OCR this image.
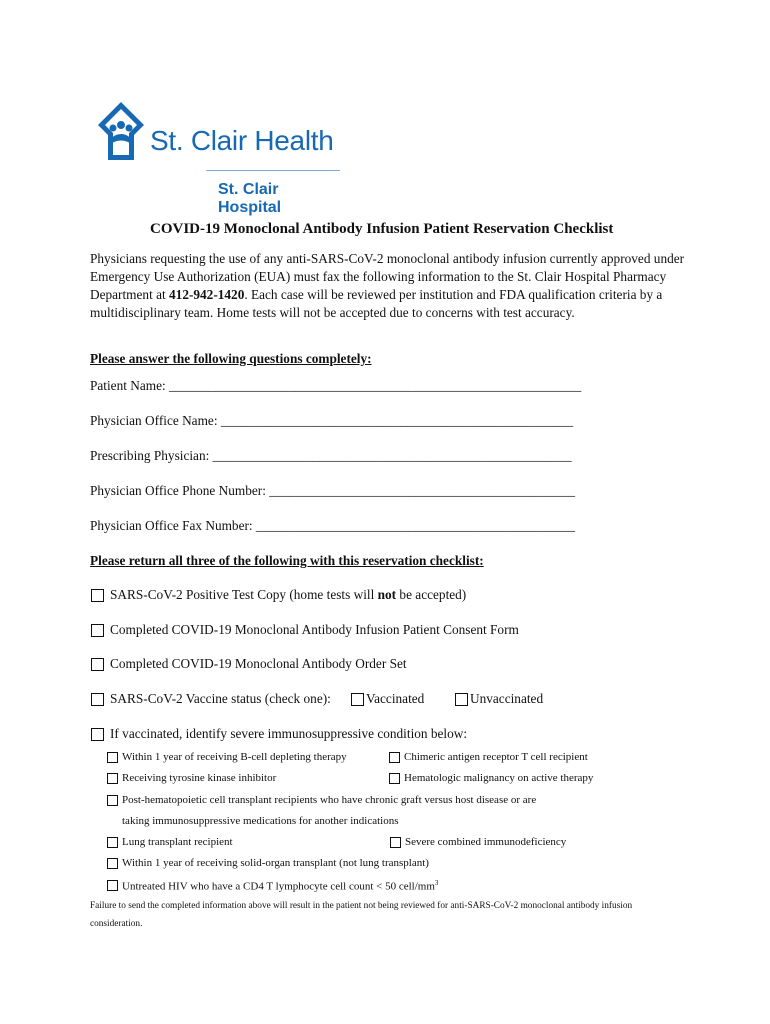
St. Clair Health
St. Clair Hospital
COVID-19 Monoclonal Antibody Infusion Patient Reservation Checklist

Physicians requesting the use of any anti-SARS-CoV-2 monoclonal antibody infusion currently approved under Emergency Use Authorization (EUA) must fax the following information to the St. Clair Hospital Pharmacy Department at 412-942-1420. Each case will be reviewed per institution and FDA qualification criteria by a multidisciplinary team. Home tests will not be accepted due to concerns with test accuracy.

Please answer the following questions completely:
Patient Name: ______________________________________________________________
Physician Office Name: _____________________________________________________
Prescribing Physician: ______________________________________________________
Physician Office Phone Number: ______________________________________________
Physician Office Fax Number: ________________________________________________
Please return all three of the following with this reservation checklist:
SARS-CoV-2 Positive Test Copy (home tests will not be accepted)
Completed COVID-19 Monoclonal Antibody Infusion Patient Consent Form
Completed COVID-19 Monoclonal Antibody Order Set
SARS-CoV-2 Vaccine status (check one):	Vaccinated	Unvaccinated
If vaccinated, identify severe immunosuppressive condition below:
Within 1 year of receiving B-cell depleting therapy	Chimeric antigen receptor T cell recipient
Receiving tyrosine kinase inhibitor	Hematologic malignancy on active therapy
Post-hematopoietic cell transplant recipients who have chronic graft versus host disease or are
taking immunosuppressive medications for another indications
Lung transplant recipient	Severe combined immunodeficiency
Within 1 year of receiving solid-organ transplant (not lung transplant)
Untreated HIV who have a CD4 T lymphocyte cell count < 50 cell/$mm^3$
Failure to send the completed information above will result in the patient not being reviewed for anti-SARS-CoV-2 monoclonal antibody infusion
consideration.
